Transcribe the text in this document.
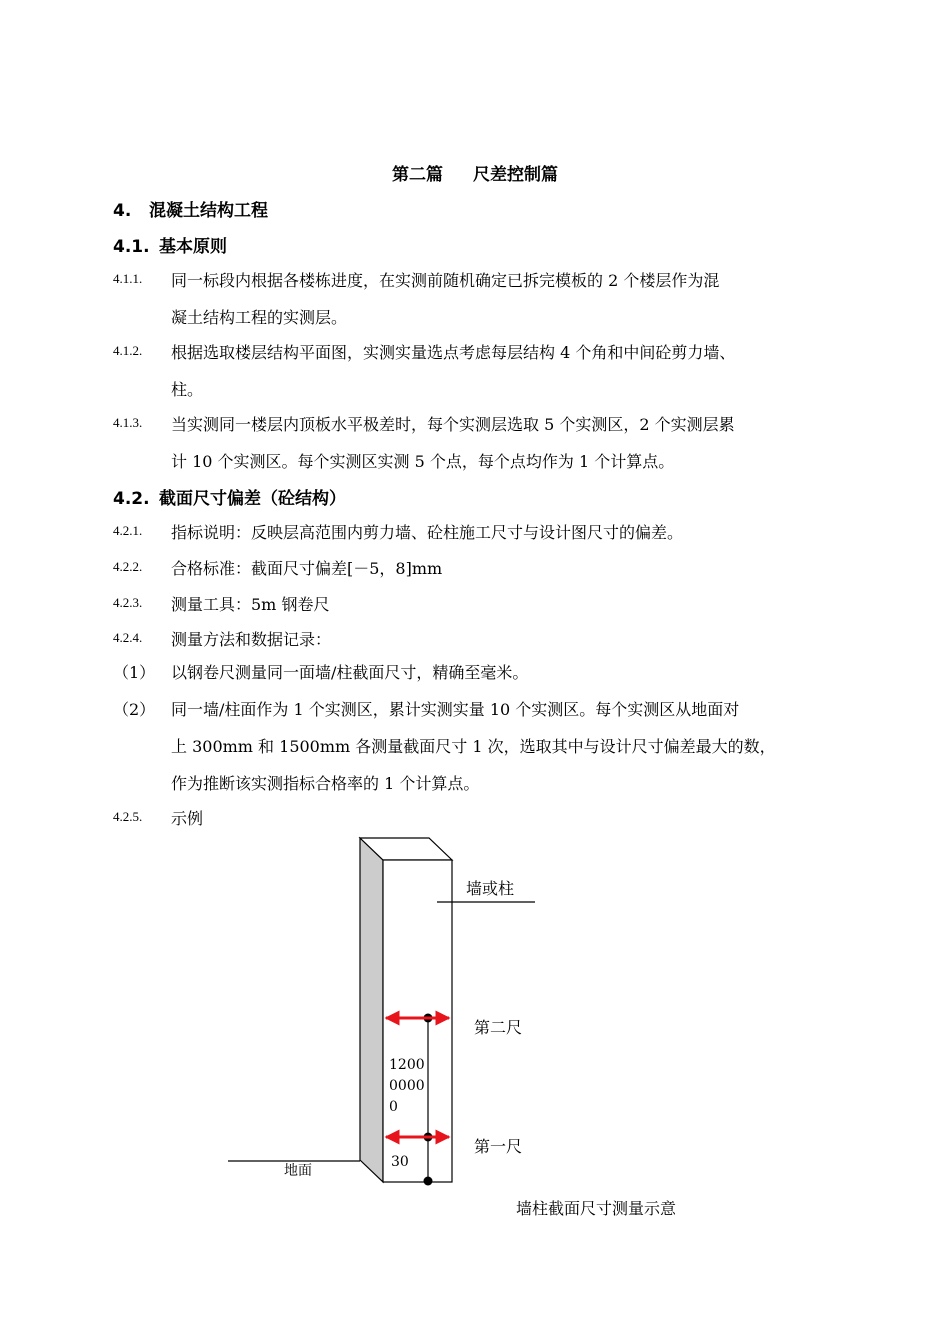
第二篇 尺差控制篇
4. 混凝土结构工程
4.1. 基本原则
4.1.1. 同一标段内根据各楼栋进度，在实测前随机确定已拆完模板的 2 个楼层作为混
凝土结构工程的实测层。
4.1.2. 根据选取楼层结构平面图，实测实量选点考虑每层结构 4 个角和中间砼剪力墙、
柱。
4.1.3. 当实测同一楼层内顶板水平极差时，每个实测层选取 5 个实测区，2 个实测层累
计 10 个实测区。每个实测区实测 5 个点，每个点均作为 1 个计算点。
4.2. 截面尺寸偏差（砼结构）
4.2.1. 指标说明：反映层高范围内剪力墙、砼柱施工尺寸与设计图尺寸的偏差。
4.2.2. 合格标准：截面尺寸偏差[－5，8]mm
4.2.3. 测量工具：5m 钢卷尺
4.2.4. 测量方法和数据记录：
（1） 以钢卷尺测量同一面墙/柱截面尺寸，精确至毫米。
（2） 同一墙/柱面作为 1 个实测区，累计实测实量 10 个实测区。每个实测区从地面对
上 300mm 和 1500mm 各测量截面尺寸 1 次，选取其中与设计尺寸偏差最大的数，
作为推断该实测指标合格率的 1 个计算点。
4.2.5. 示例
墙或柱
第二尺
第一尺
1200
0000
0
30
地面
墙柱截面尺寸测量示意
